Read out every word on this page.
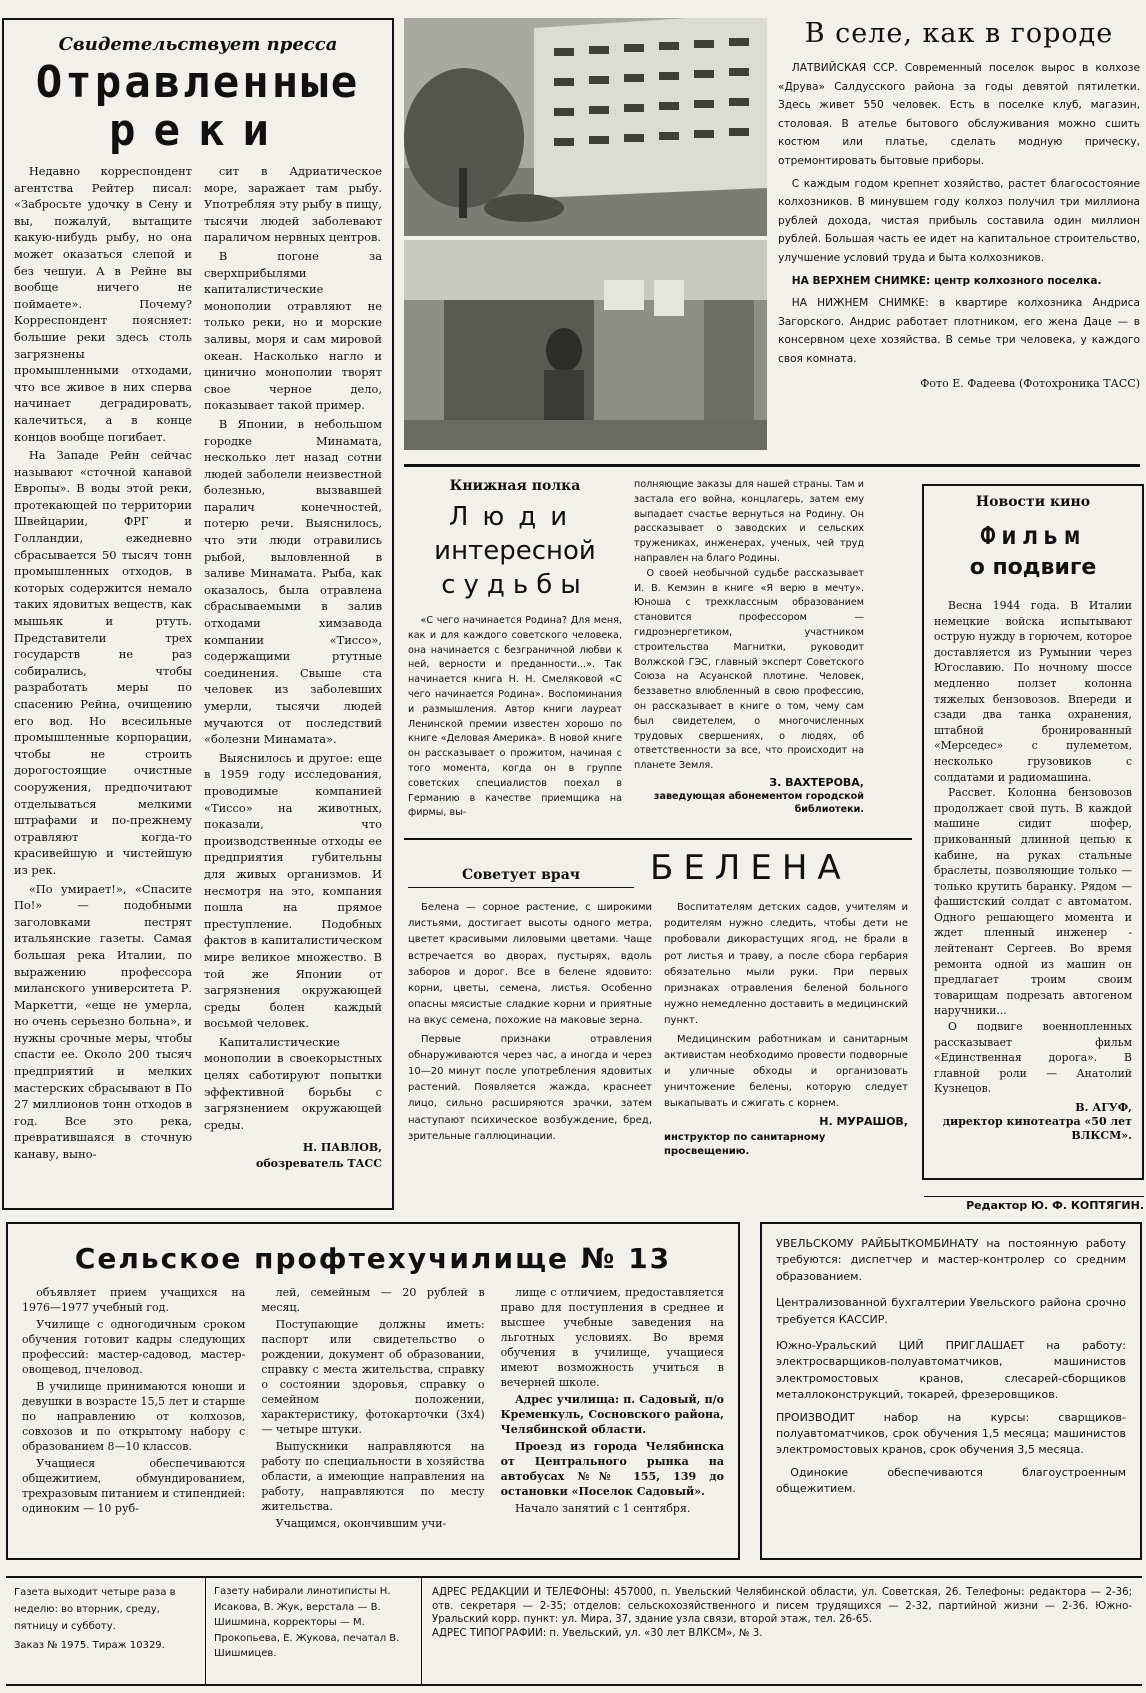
Свидетельствует пресса
Отравленные
реки

Недавно корреспондент агентства Рейтер писал: «Забросьте удочку в Сену и вы, пожалуй, вытащите какую-нибудь рыбу, но она может оказаться слепой и без чешуи. А в Рейне вы вообще ничего не поймаете». Почему? Корреспондент поясняет: большие реки здесь столь загрязнены промышленными отходами, что все живое в них сперва начинает деградировать, калечиться, а в конце концов вообще погибает.

На Западе Рейн сейчас называют «сточной канавой Европы». В воды этой реки, протекающей по территории Швейцарии, ФРГ и Голландии, ежедневно сбрасывается 50 тысяч тонн промышленных отходов, в которых содержится немало таких ядовитых веществ, как мышьяк и ртуть. Представители трех государств не раз собирались, чтобы разработать меры по спасению Рейна, очищению его вод. Но всесильные промышленные корпорации, чтобы не строить дорогостоящие очистные сооружения, предпочитают отделываться мелкими штрафами и по-прежнему отравляют когда-то красивейшую и чистейшую из рек.

«По умирает!», «Спасите По!» — подобными заголовками пестрят итальянские газеты. Самая большая река Италии, по выражению профессора миланского университета Р. Маркетти, «еще не умерла, но очень серьезно больна», и нужны срочные меры, чтобы спасти ее. Около 200 тысяч предприятий и мелких мастерских сбрасывают в По 27 миллионов тонн отходов в год. Все это река, превратившаяся в сточную канаву, выно-

сит в Адриатическое море, заражает там рыбу. Употребляя эту рыбу в пищу, тысячи людей заболевают параличом нервных центров.

В погоне за сверхприбылями капиталистические монополии отравляют не только реки, но и морские заливы, моря и сам мировой океан. Насколько нагло и цинично монополии творят свое черное дело, показывает такой пример.

В Японии, в небольшом городке Минамата, несколько лет назад сотни людей заболели неизвестной болезнью, вызвавшей паралич конечностей, потерю речи. Выяснилось, что эти люди отравились рыбой, выловленной в заливе Минамата. Рыба, как оказалось, была отравлена сбрасываемыми в залив отходами химзавода компании «Тиссо», содержащими ртутные соединения. Свыше ста человек из заболевших умерли, тысячи людей мучаются от последствий «болезни Минамата».

Выяснилось и другое: еще в 1959 году исследования, проводимые компанией «Тиссо» на животных, показали, что производственные отходы ее предприятия губительны для живых организмов. И несмотря на это, компания пошла на прямое преступление. Подобных фактов в капиталистическом мире великое множество. В той же Японии от загрязнения окружающей среды болен каждый восьмой человек.

Капиталистические монополии в своекорыстных целях саботируют попытки эффективной борьбы с загрязнением окружающей среды.

Н. ПАВЛОВ,

обозреватель ТАСС

В селе, как в городе

ЛАТВИЙСКАЯ ССР. Современный поселок вырос в колхозе «Друва» Салдусского района за годы девятой пятилетки. Здесь живет 550 человек. Есть в поселке клуб, магазин, столовая. В ателье бытового обслуживания можно сшить костюм или платье, сделать модную прическу, отремонтировать бытовые приборы.

С каждым годом крепнет хозяйство, растет благосостояние колхозников. В минувшем году колхоз получил три миллиона рублей дохода, чистая прибыль составила один миллион рублей. Большая часть ее идет на капитальное строительство, улучшение условий труда и быта колхозников.

НА ВЕРХНЕМ СНИМКЕ: центр колхозного поселка.

НА НИЖНЕМ СНИМКЕ: в квартире колхозника Андриса Загорского. Андрис работает плотником, его жена Даце — в консервном цехе хозяйства. В семье три человека, у каждого своя комната.

Фото Е. Фадеева (Фотохроника ТАСС)
Книжная полка
Люди
интересной
судьбы
«С чего начинается Родина? Для меня, как и для каждого советского человека, она начинается с безграничной любви к ней, верности и преданности...». Так начинается книга Н. Н. Смеляковой «С чего начинается Родина». Воспоминания и размышления. Автор книги лауреат Ленинской премии известен хорошо по книге «Деловая Америка». В новой книге он рассказывает о прожитом, начиная с того момента, когда он в группе советских специалистов поехал в Германию в качестве приемщика на фирмы, вы-

полняющие заказы для нашей страны. Там и застала его война, концлагерь, затем ему выпадает счастье вернуться на Родину. Он рассказывает о заводских и сельских тружениках, инженерах, ученых, чей труд направлен на благо Родины.

О своей необычной судьбе рассказывает И. В. Кемзин в книге «Я верю в мечту». Юноша с трехклассным образованием становится профессором — гидроэнергетиком, участником строительства Магнитки, руководит Волжской ГЭС, главный эксперт Советского Союза на Асуанской плотине. Человек, беззаветно влюбленный в свою профессию, он рассказывает в книге о том, чему сам был свидетелем, о многочисленных трудовых свершениях, о людях, об ответственности за все, что происходит на планете Земля.

З. ВАХТЕРОВА,

заведующая абонементом городской библиотеки.

Новости кино
Фильм
о подвиге

Весна 1944 года. В Италии немецкие войска испытывают острую нужду в горючем, которое доставляется из Румынии через Югославию. По ночному шоссе медленно ползет колонна тяжелых бензовозов. Впереди и сзади два танка охранения, штабной бронированный «Мерседес» с пулеметом, несколько грузовиков с солдатами и радиомашина.

Рассвет. Колонна бензовозов продолжает свой путь. В каждой машине сидит шофер, прикованный длинной цепью к кабине, на руках стальные браслеты, позволяющие только — только крутить баранку. Рядом — фашистский солдат с автоматом. Одного решающего момента и ждет пленный инженер - лейтенант Сергеев. Во время ремонта одной из машин он предлагает троим своим товарищам подрезать автогеном наручники...

О подвиге военнопленных рассказывает фильм «Единственная дорога». В главной роли — Анатолий Кузнецов.

В. АГУФ,

директор кинотеатра «50 лет ВЛКСМ».

Советует врач	БЕЛЕНА

Белена — сорное растение, с широкими листьями, достигает высоты одного метра, цветет красивыми лиловыми цветами. Чаще встречается во дворах, пустырях, вдоль заборов и дорог. Все в белене ядовито: корни, цветы, семена, листья. Особенно опасны мясистые сладкие корни и приятные на вкус семена, похожие на маковые зерна.

Первые признаки отравления обнаруживаются через час, а иногда и через 10—20 минут после употребления ядовитых растений. Появляется жажда, краснеет лицо, сильно расширяются зрачки, затем наступают психическое возбуждение, бред, зрительные галлюцинации.

Воспитателям детских садов, учителям и родителям нужно следить, чтобы дети не пробовали дикорастущих ягод, не брали в рот листья и траву, а после сбора гербария обязательно мыли руки. При первых признаках отравления беленой больного нужно немедленно доставить в медицинский пункт.

Медицинским работникам и санитарным активистам необходимо провести подворные и уличные обходы и организовать уничтожение белены, которую следует выкапывать и сжигать с корнем.

Н. МУРАШОВ,

инструктор по санитарному просвещению.

Редактор Ю. Ф. КОПТЯГИН.
Сельское профтехучилище № 13

объявляет прием учащихся на 1976—1977 учебный год.

Училище с одногодичным сроком обучения готовит кадры следующих профессий: мастер-садовод, мастер-овощевод, пчеловод.

В училище принимаются юноши и девушки в возрасте 15,5 лет и старше по направлению от колхозов, совхозов и по открытому набору с образованием 8—10 классов.

Учащиеся обеспечиваются общежитием, обмундированием, трехразовым питанием и стипендией: одиноким — 10 руб-

лей, семейным — 20 рублей в месяц.

Поступающие должны иметь: паспорт или свидетельство о рождении, документ об образовании, справку с места жительства, справку о состоянии здоровья, справку о семейном положении, характеристику, фотокарточки (3х4) — четыре штуки.

Выпускники направляются на работу по специальности в хозяйства области, а имеющие направления на работу, направляются по месту жительства.

Учащимся, окончившим учи-

лище с отличием, предоставляется право для поступления в среднее и высшее учебные заведения на льготных условиях. Во время обучения в училище, учащиеся имеют возможность учиться в вечерней школе.

Адрес училища: п. Садовый, п/о Кременкуль, Сосновского района, Челябинской области.

Проезд из города Челябинска от Центрального рынка на автобусах №№ 155, 139 до остановки «Поселок Садовый».

Начало занятий с 1 сентября.

УВЕЛЬСКОМУ РАЙБЫТКОМБИНАТУ на постоянную работу требуются: диспетчер и мастер-контролер со средним образованием.

Централизованной бухгалтерии Увельского района срочно требуется КАССИР.

Южно-Уральский ЦИЙ ПРИГЛАШАЕТ на работу: электросварщиков-полуавтоматчиков, машинистов электромостовых кранов, слесарей-сборщиков металлоконструкций, токарей, фрезеровщиков.

ПРОИЗВОДИТ набор на курсы: сварщиков-полуавтоматчиков, срок обучения 1,5 месяца; машинистов электромостовых кранов, срок обучения 3,5 месяца.

Одинокие обеспечиваются благоустроенным общежитием.

Газета выходит четыре раза в неделю: во вторник, среду, пятницу и субботу.
Заказ № 1975. Тираж 10329.
Газету набирали линотиписты Н. Исакова, В. Жук, верстала — В. Шишмина, корректоры — М. Прокопьева, Е. Жукова, печатал В. Шишмицев.
АДРЕС РЕДАКЦИИ И ТЕЛЕФОНЫ: 457000, п. Увельский Челябинской области, ул. Советская, 26. Телефоны: редактора — 2-36; отв. секретаря — 2-35; отделов: сельскохозяйственного и писем трудящихся — 2-32, партийной жизни — 2-36. Южно-Уральский корр. пункт: ул. Мира, 37, здание узла связи, второй этаж, тел. 26-65.
АДРЕС ТИПОГРАФИИ: п. Увельский, ул. «30 лет ВЛКСМ», № 3.
